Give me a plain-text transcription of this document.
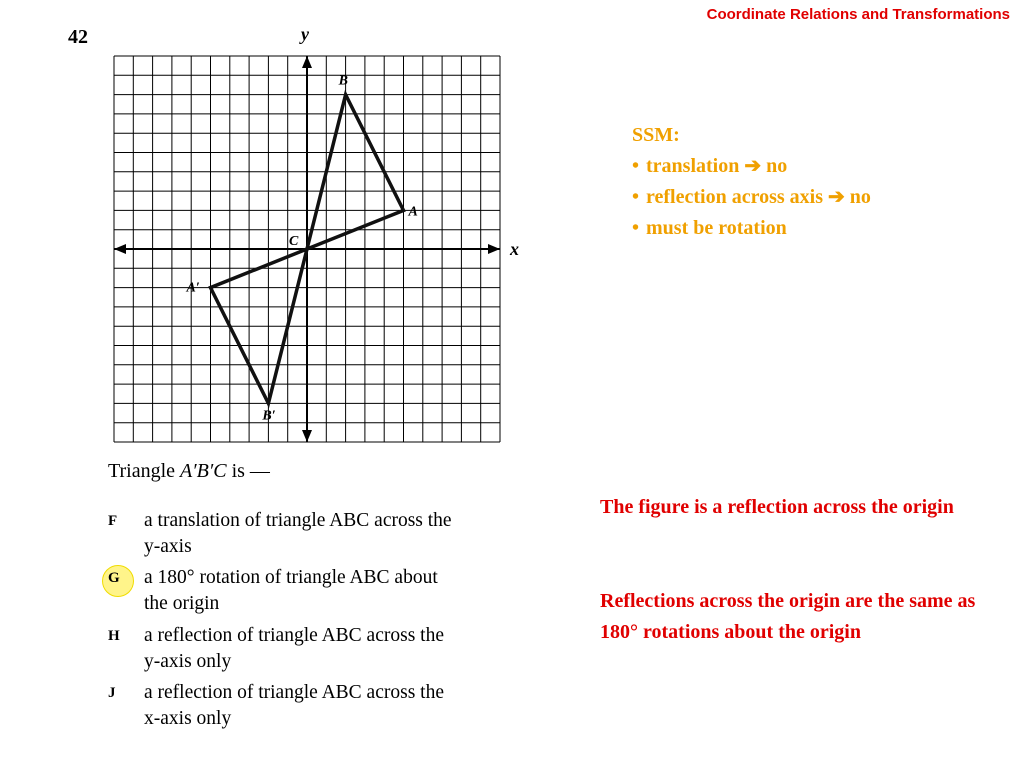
Coordinate Relations and Transformations
42
x
y
B
A
C
A′
B′
Triangle A′B′C is —
F	a translation of triangle ABC across the
y-axis
G	a 180° rotation of triangle ABC about
the origin
H	a reflection of triangle ABC across the
y-axis only
J	a reflection of triangle ABC across the
x-axis only
SSM:
• translation ➔ no
• reflection across axis ➔ no
• must be rotation
The figure is a reflection across the origin
Reflections across the origin are the same as 180° rotations about the origin
